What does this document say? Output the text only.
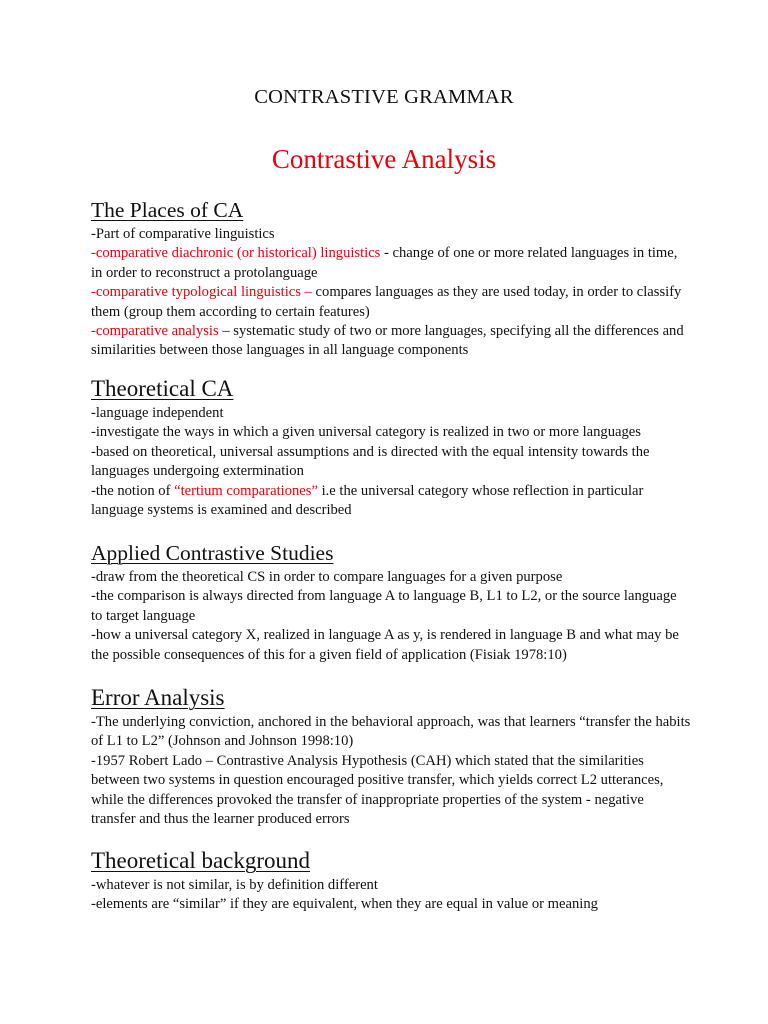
CONTRASTIVE GRAMMAR
Contrastive Analysis
The Places of CA

-Part of comparative linguistics

-comparative diachronic (or historical) linguistics - change of one or more related languages in time, in order to reconstruct a protolanguage

-comparative typological linguistics – compares languages as they are used today, in order to classify them (group them according to certain features)

-comparative analysis – systematic study of two or more languages, specifying all the differences and similarities between those languages in all language components

Theoretical CA

-language independent

-investigate the ways in which a given universal category is realized in two or more languages

-based on theoretical, universal assumptions and is directed with the equal intensity towards the languages undergoing extermination

-the notion of “tertium comparationes” i.e the universal category whose reflection in particular language systems is examined and described

Applied Contrastive Studies

-draw from the theoretical CS in order to compare languages for a given purpose

-the comparison is always directed from language A to language B, L1 to L2, or the source language to target language

-how a universal category X, realized in language A as y, is rendered in language B and what may be the possible consequences of this for a given field of application (Fisiak 1978:10)

Error Analysis

-The underlying conviction, anchored in the behavioral approach, was that learners “transfer the habits of L1 to L2” (Johnson and Johnson 1998:10)

-1957 Robert Lado – Contrastive Analysis Hypothesis (CAH) which stated that the similarities between two systems in question encouraged positive transfer, which yields correct L2 utterances, while the differences provoked the transfer of inappropriate properties of the system - negative transfer and thus the learner produced errors

Theoretical background

-whatever is not similar, is by definition different

-elements are “similar” if they are equivalent, when they are equal in value or meaning
